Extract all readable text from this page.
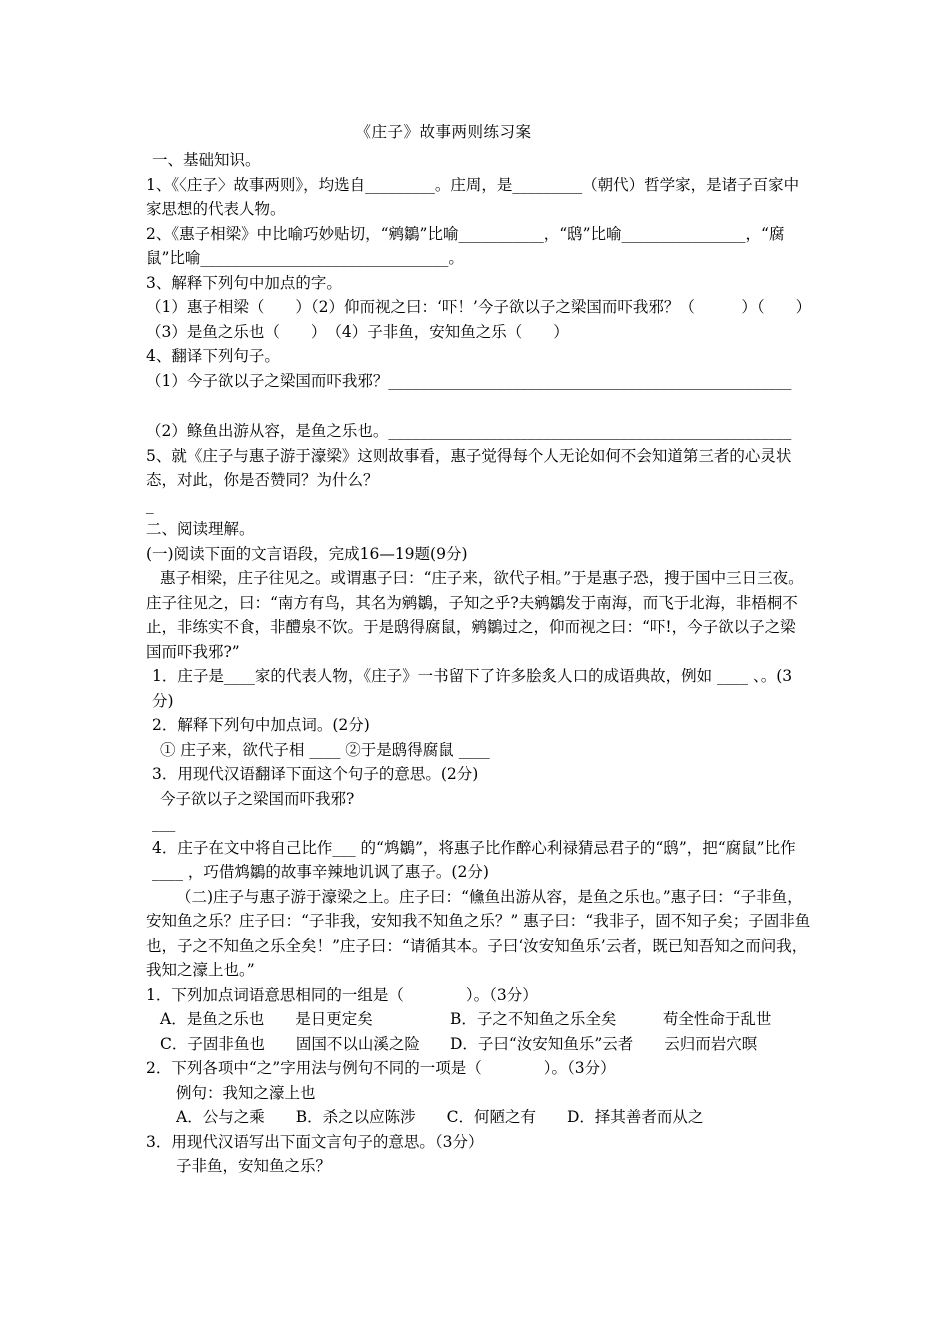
《庄子》故事两则练习案
一、基础知识。
1、《〈庄子〉故事两则》，均选自_________。庄周，是_________（朝代）哲学家，是诸子百家中家思想的代表人物。
2、《惠子相梁》中比喻巧妙贴切，“鹓鶵”比喻___________，“鸱”比喻________________，“腐鼠”比喻________________________________。
3、解释下列句中加点的字。
（1）惠子相梁（　　）（2）仰而视之曰：‘吓！’今子欲以子之梁国而吓我邪？（　　　）（　　）　（3）是鱼之乐也（　　）　（4）子非鱼，安知鱼之乐（　　）
4、翻译下列句子。
（1）今子欲以子之梁国而吓我邪？____________________________________________________
（2）鲦鱼出游从容，是鱼之乐也。____________________________________________________
5、就《庄子与惠子游于濠梁》这则故事看，惠子觉得每个人无论如何不会知道第三者的心灵状态，对此，你是否赞同？为什么？
_
二、阅读理解。
(一)阅读下面的文言语段，完成16—19题(9分)
惠子相梁，庄子往见之。或谓惠子曰：“庄子来，欲代子相。”于是惠子恐，搜于国中三日三夜。庄子往见之，曰：“南方有鸟，其名为鹓鶵，子知之乎?夫鹓鶵发于南海，而飞于北海，非梧桐不止，非练实不食，非醴泉不饮。于是鸱得腐鼠，鹓鶵过之，仰而视之曰：“吓!，今子欲以子之梁国而吓我邪?”
1．庄子是____家的代表人物，《庄子》一书留下了许多脍炙人口的成语典故，例如 ____ 、。(3分)
2．解释下列句中加点词。(2分)
① 庄子来，欲代子相 ____ ②于是鸱得腐鼠 ____
3．用现代汉语翻译下面这个句子的意思。(2分)
今子欲以子之梁国而吓我邪?
___
4．庄子在文中将自己比作___ 的“鸩鶵”，将惠子比作醉心利禄猜忌君子的“鸱”，把“腐鼠”比作____ ，巧借鸩鶵的故事辛辣地讥讽了惠子。(2分)
（二)庄子与惠子游于濠梁之上。庄子曰：“儵鱼出游从容，是鱼之乐也。”惠子曰：“子非鱼，安知鱼之乐？庄子曰：“子非我，安知我不知鱼之乐？” 惠子曰：“我非子，固不知子矣；子固非鱼也，子之不知鱼之乐全矣！”庄子曰：“请循其本。子曰‘汝安知鱼乐’云者，既已知吾知之而问我，我知之濠上也。”
1．下列加点词语意思相同的一组是（　　　　）。（3分）
A．是鱼之乐也　　是日更定矣	B．子之不知鱼之乐全矣　　　苟全性命于乱世 C．子固非鱼也　　固国不以山溪之险 D．子曰“汝安知鱼乐”云者　　云归而岩穴暝
2．下列各项中“之”字用法与例句不同的一项是（　　　　）。（3分）
例句：我知之濠上也
A．公与之乘　　B．杀之以应陈涉　　C．何陋之有　　D．择其善者而从之
3．用现代汉语写出下面文言句子的意思。（3分）
子非鱼，安知鱼之乐？
